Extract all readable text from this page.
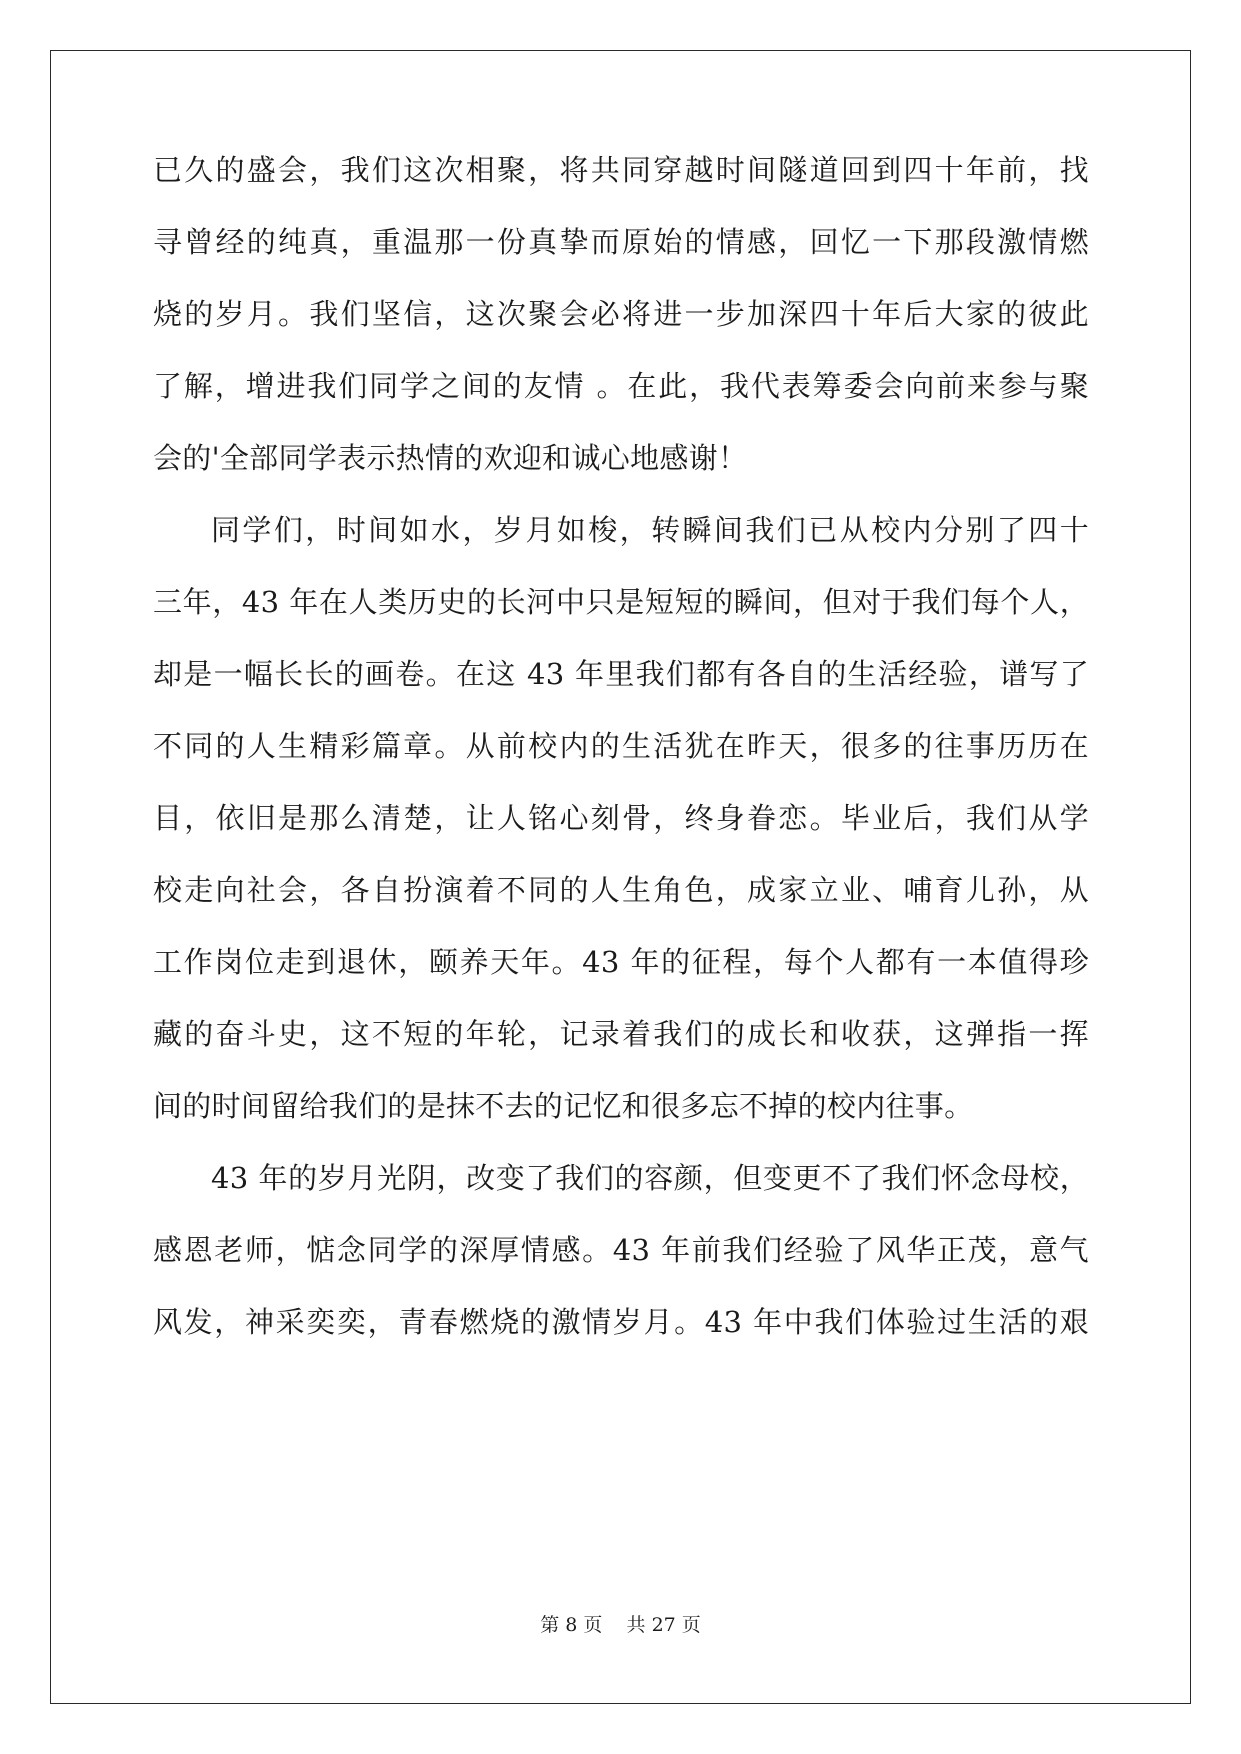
已久的盛会，我们这次相聚，将共同穿越时间隧道回到四十年前，找
寻曾经的纯真，重温那一份真挚而原始的情感，回忆一下那段激情燃
烧的岁月。我们坚信，这次聚会必将进一步加深四十年后大家的彼此
了解，增进我们同学之间的友情 。在此，我代表筹委会向前来参与聚
会的'全部同学表示热情的欢迎和诚心地感谢！
同学们，时间如水，岁月如梭，转瞬间我们已从校内分别了四十
三年，43 年在人类历史的长河中只是短短的瞬间，但对于我们每个人，
却是一幅长长的画卷。在这 43 年里我们都有各自的生活经验，谱写了
不同的人生精彩篇章。从前校内的生活犹在昨天，很多的往事历历在
目，依旧是那么清楚，让人铭心刻骨，终身眷恋。毕业后，我们从学
校走向社会，各自扮演着不同的人生角色，成家立业、哺育儿孙，从
工作岗位走到退休，颐养天年。43 年的征程，每个人都有一本值得珍
藏的奋斗史，这不短的年轮，记录着我们的成长和收获，这弹指一挥
间的时间留给我们的是抹不去的记忆和很多忘不掉的校内往事。
43 年的岁月光阴，改变了我们的容颜，但变更不了我们怀念母校，
感恩老师，惦念同学的深厚情感。43 年前我们经验了风华正茂，意气
风发，神采奕奕，青春燃烧的激情岁月。43 年中我们体验过生活的艰
第 8 页 共 27 页
